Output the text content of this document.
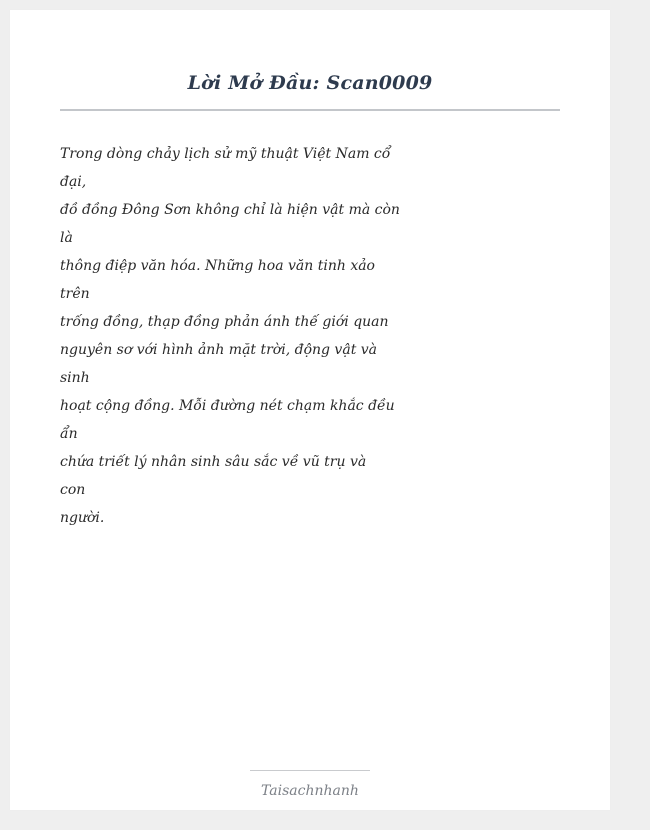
Lời Mở Đầu: Scan0009
Trong dòng chảy lịch sử mỹ thuật Việt Nam cổ
đại,
đồ đồng Đông Sơn không chỉ là hiện vật mà còn
là
thông điệp văn hóa. Những hoa văn tinh xảo
trên
trống đồng, thạp đồng phản ánh thế giới quan
nguyên sơ với hình ảnh mặt trời, động vật và
sinh
hoạt cộng đồng. Mỗi đường nét chạm khắc đều
ẩn
chứa triết lý nhân sinh sâu sắc về vũ trụ và
con
người.
Taisachnhanh
